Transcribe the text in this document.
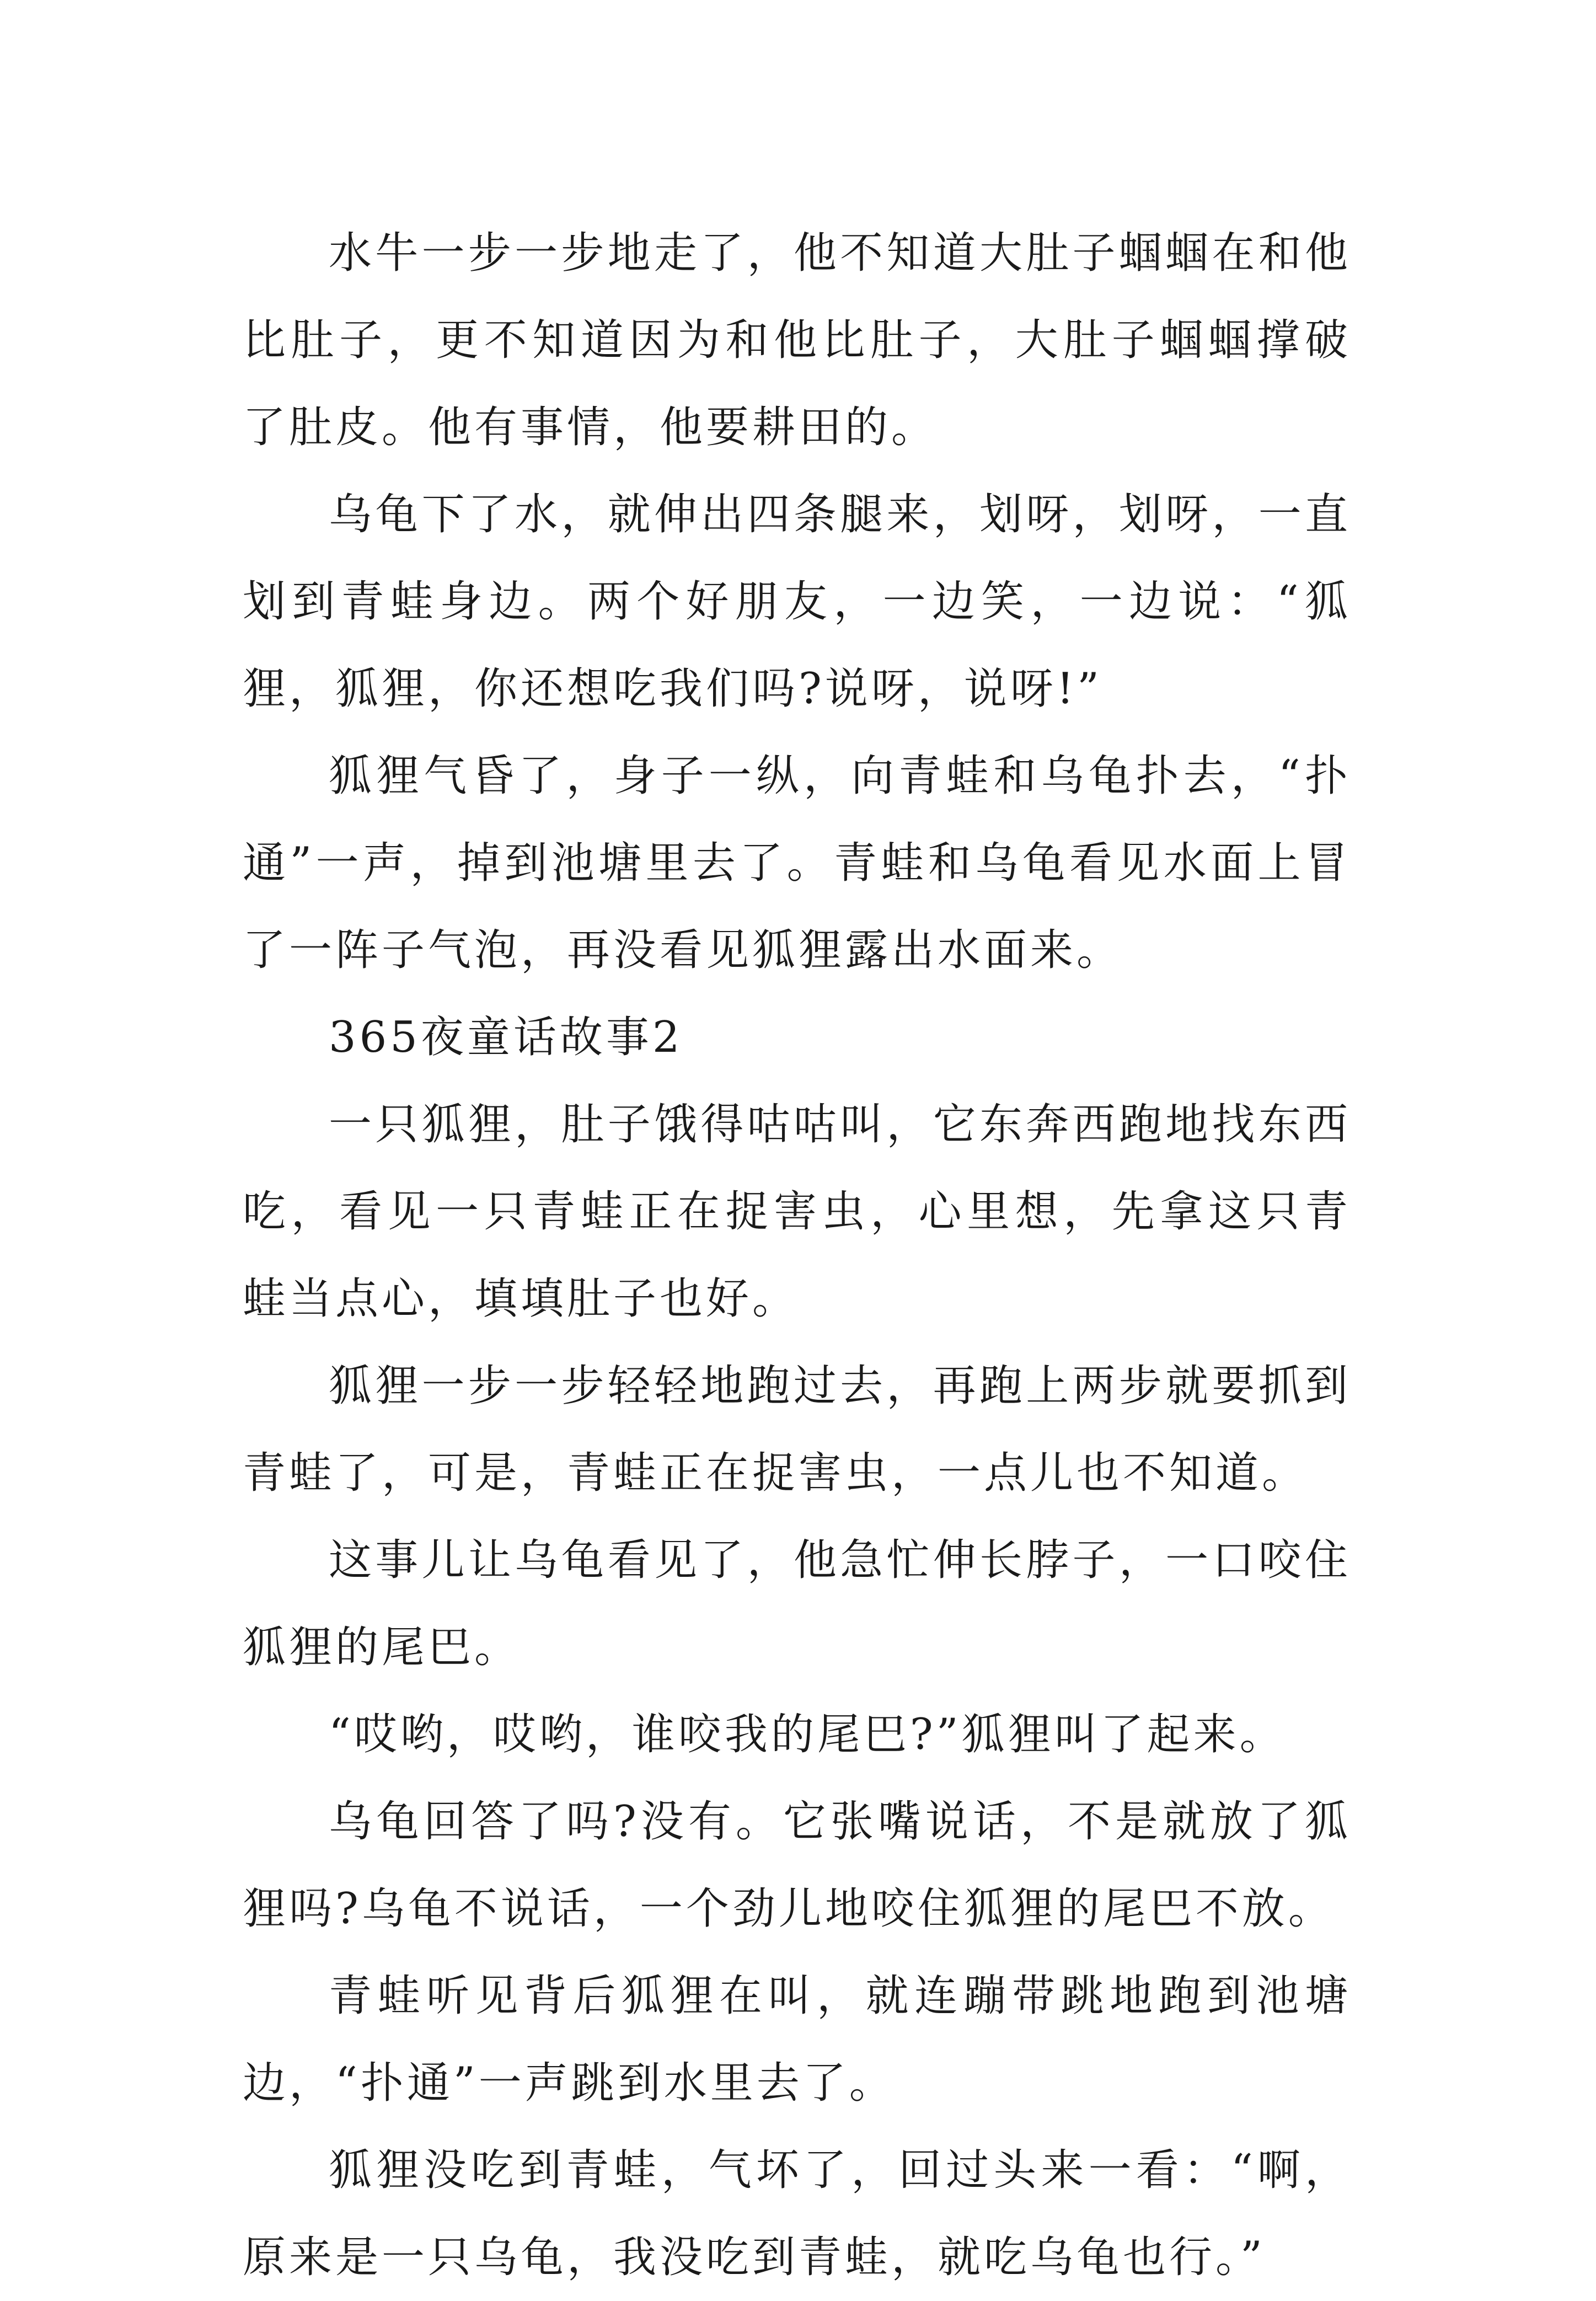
水牛一步一步地走了，他不知道大肚子蝈蝈在和他比肚子，更不知道因为和他比肚子，大肚子蝈蝈撑破了肚皮。他有事情，他要耕田的。

乌龟下了水，就伸出四条腿来，划呀，划呀，一直划到青蛙身边。两个好朋友，一边笑，一边说：“狐狸，狐狸，你还想吃我们吗?说呀，说呀!”

狐狸气昏了，身子一纵，向青蛙和乌龟扑去，“扑通”一声，掉到池塘里去了。青蛙和乌龟看见水面上冒了一阵子气泡，再没看见狐狸露出水面来。

365夜童话故事2

一只狐狸，肚子饿得咕咕叫，它东奔西跑地找东西吃，看见一只青蛙正在捉害虫，心里想，先拿这只青蛙当点心，填填肚子也好。

狐狸一步一步轻轻地跑过去，再跑上两步就要抓到青蛙了，可是，青蛙正在捉害虫，一点儿也不知道。

这事儿让乌龟看见了，他急忙伸长脖子，一口咬住狐狸的尾巴。

“哎哟，哎哟，谁咬我的尾巴?”狐狸叫了起来。

乌龟回答了吗?没有。它张嘴说话，不是就放了狐狸吗?乌龟不说话，一个劲儿地咬住狐狸的尾巴不放。

青蛙听见背后狐狸在叫，就连蹦带跳地跑到池塘边，“扑通”一声跳到水里去了。

狐狸没吃到青蛙，气坏了，回过头来一看：“啊，原来是一只乌龟，我没吃到青蛙，就吃乌龟也行。”
